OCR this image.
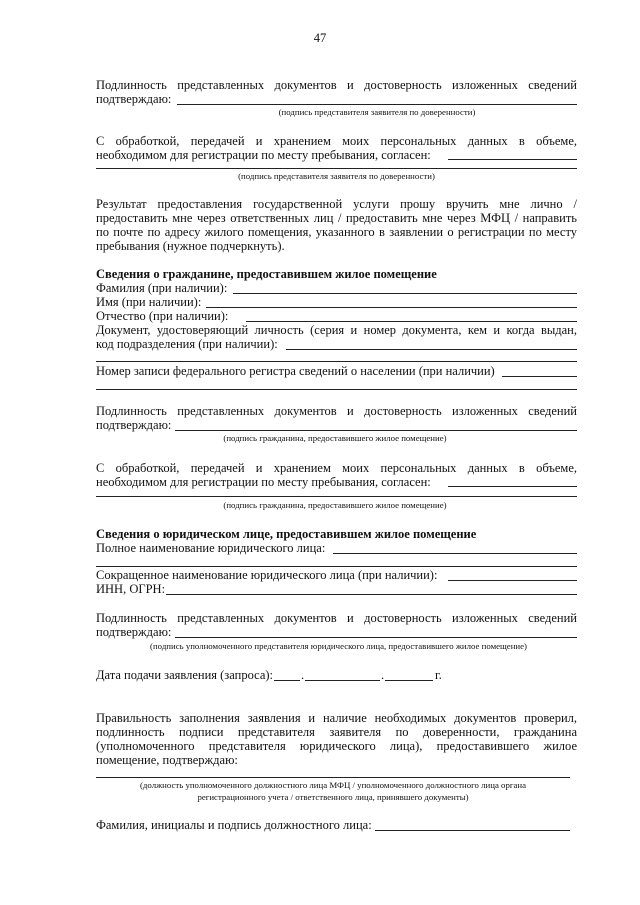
47
Подлинность представленных документов и достоверность изложенных сведений
подтверждаю:
(подпись представителя заявителя по доверенности)
С обработкой, передачей и хранением моих персональных данных в объеме,
необходимом для регистрации по месту пребывания, согласен:
(подпись представителя заявителя по доверенности)
Результат предоставления государственной услуги прошу вручить мне лично /
предоставить мне через ответственных лиц / предоставить мне через МФЦ / направить
по почте по адресу жилого помещения, указанного в заявлении о регистрации по месту
пребывания (нужное подчеркнуть).
Сведения о гражданине, предоставившем жилое помещение
Фамилия (при наличии):
Имя (при наличии):
Отчество (при наличии):
Документ, удостоверяющий личность (серия и номер документа, кем и когда выдан,
код подразделения (при наличии):
Номер записи федерального регистра сведений о населении (при наличии)
Подлинность представленных документов и достоверность изложенных сведений
подтверждаю:
(подпись гражданина, предоставившего жилое помещение)
С обработкой, передачей и хранением моих персональных данных в объеме,
необходимом для регистрации по месту пребывания, согласен:
(подпись гражданина, предоставившего жилое помещение)
Сведения о юридическом лице, предоставившем жилое помещение
Полное наименование юридического лица:
Сокращенное наименование юридического лица (при наличии):
ИНН, ОГРН:
Подлинность представленных документов и достоверность изложенных сведений
подтверждаю:
(подпись уполномоченного представителя юридического лица, предоставившего жилое помещение)
Дата подачи заявления (запроса): .	.	г.
Правильность заполнения заявления и наличие необходимых документов проверил,
подлинность подписи представителя заявителя по доверенности, гражданина
(уполномоченного представителя юридического лица), предоставившего жилое
помещение, подтверждаю:
(должность уполномоченного должностного лица МФЦ / уполномоченного должностного лица органа
регистрационного учета / ответственного лица, принявшего документы)
Фамилия, инициалы и подпись должностного лица:
